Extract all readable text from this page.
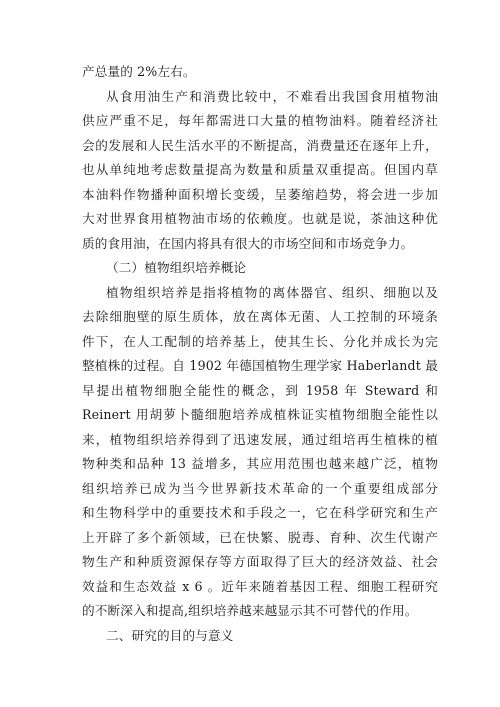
产总量的 2%左右。
从食用油生产和消费比较中，不难看出我国食用植物油
供应严重不足，每年都需进口大量的植物油料。随着经济社
会的发展和人民生活水平的不断提高，消费量还在逐年上升，
也从单纯地考虑数量提高为数量和质量双重提高。但国内草
本油料作物播种面积增长变缓，呈萎缩趋势，将会进一步加
大对世界食用植物油市场的依赖度。也就是说，茶油这种优
质的食用油，在国内将具有很大的市场空间和市场竞争力。
（二）植物组织培养概论
植物组织培养是指将植物的离体器官、组织、细胞以及
去除细胞壁的原生质体，放在离体无菌、人工控制的环境条
件下，在人工配制的培养基上，使其生长、分化并成长为完
整植株的过程。自 1902 年德国植物生理学家 Haberlandt 最
早提出植物细胞全能性的概念，到 1958 年 Steward 和
Reinert 用胡萝卜髓细胞培养成植株证实植物细胞全能性以
来，植物组织培养得到了迅速发展，通过组培再生植株的植
物种类和品种 13 益增多，其应用范围也越来越广泛，植物
组织培养已成为当今世界新技术革命的一个重要组成部分
和生物科学中的重要技术和手段之一，它在科学研究和生产
上开辟了多个新领域，已在快繁、脱毒、育种、次生代谢产
物生产和种质资源保存等方面取得了巨大的经济效益、社会
效益和生态效益 x 6 。近年来随着基因工程、细胞工程研究
的不断深入和提高,组织培养越来越显示其不可替代的作用。
二、研究的目的与意义
